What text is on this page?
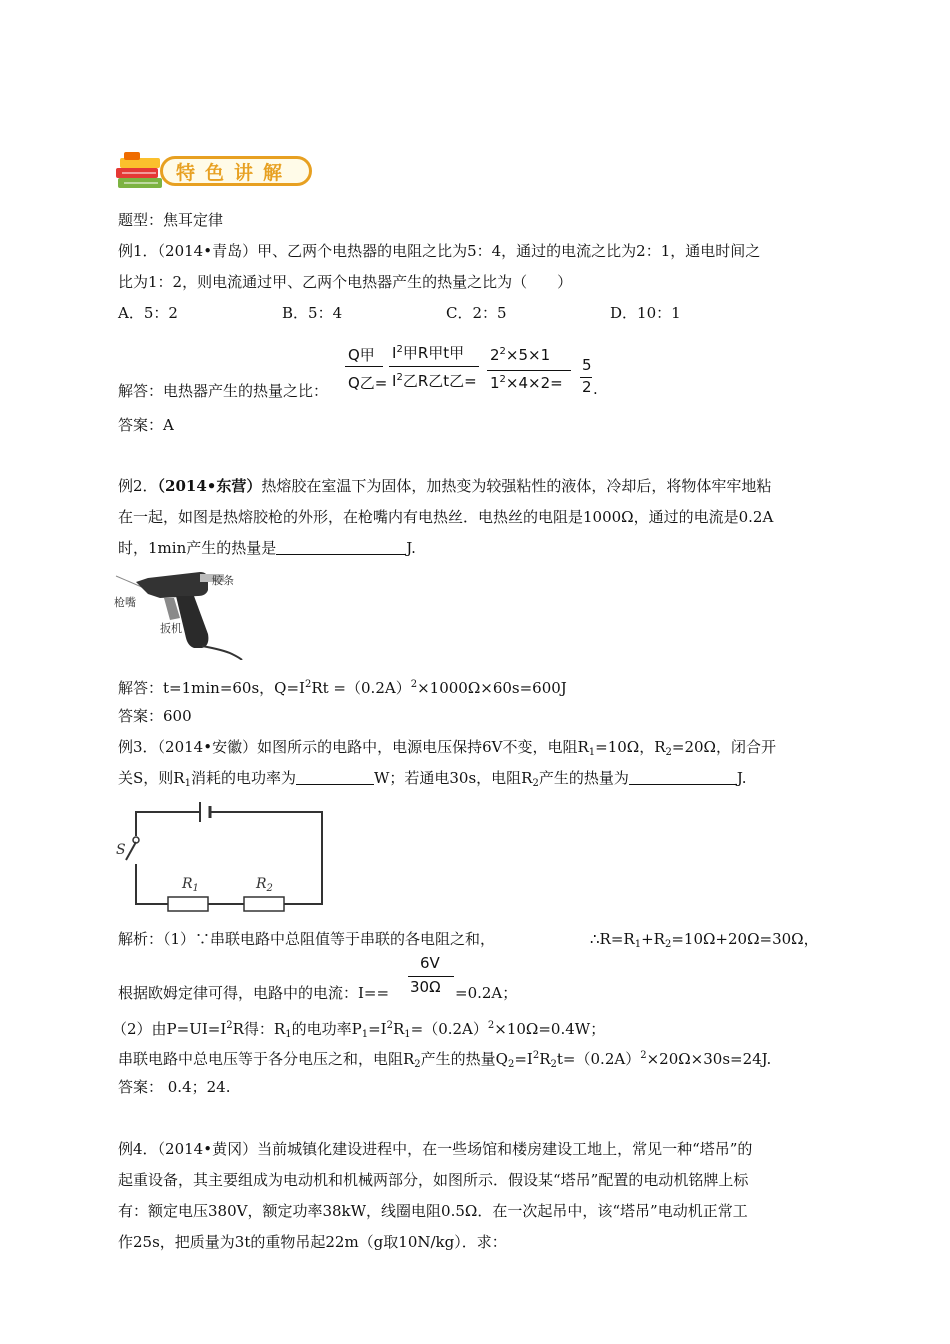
特色讲解
题型：焦耳定律
例1．（2014•青岛）甲、乙两个电热器的电阻之比为5：4，通过的电流之比为2：1，通电时间之
比为1：2，则电流通过甲、乙两个电热器产生的热量之比为（　　）
A．5：2	B．5：4	C．2：5	D．10：1
解答：电热器产生的热量之比：
Q甲
Q乙=
$I^2$甲R甲t甲
$I^2$乙R乙t乙=
$2^2\times 5\times 1$
$1^2\times 4\times 2=$
5
2 .
答案：A
例2．（2014•东营）热熔胶在室温下为固体，加热变为较强粘性的液体，冷却后，将物体牢牢地粘
在一起，如图是热熔胶枪的外形，在枪嘴内有电热丝．电热丝的电阻是1000Ω，通过的电流是0.2A
时，1min产生的热量是	J.
枪嘴
胶条
扳机
解答：t=1min=60s，$Q=I^2Rt =(0.2A)^2\times 1000\Omega\times 60s=600J$
答案：600
例3．（2014•安徽）如图所示的电路中，电源电压保持6V不变，电阻$R_1=10\Omega$，$R_2=20\Omega$，闭合开
关S，则$R_1$消耗的电功率为	W；若通电30s，电阻$R_2$产生的热量为	J.
S
$R_1$	$R_2$
解析：（1）∵串联电路中总阻值等于串联的各电阻之和，	$\therefore R=R_1+R_2=10\Omega+20\Omega=30\Omega$，
根据欧姆定律可得，电路中的电流：I==
6V
30Ω =0.2A；
（2）由$P=UI=I^2R$得：$R_1$的电功率$P_1=I^2R_1=(0.2A)^2\times 10\Omega=0.4W$；
串联电路中总电压等于各分电压之和，电阻$R_2$产生的热量$Q_2=I^2R_2t=(0.2A)^2\times 20\Omega\times 30s=24J$.
答案： 0.4；24.
例4．（2014•黄冈）当前城镇化建设进程中，在一些场馆和楼房建设工地上，常见一种“塔吊”的
起重设备，其主要组成为电动机和机械两部分，如图所示．假设某“塔吊”配置的电动机铭牌上标
有：额定电压380V，额定功率38kW，线圈电阻0.5Ω．在一次起吊中，该“塔吊”电动机正常工
作25s，把质量为3t的重物吊起22m（g取10N/kg）．求：
